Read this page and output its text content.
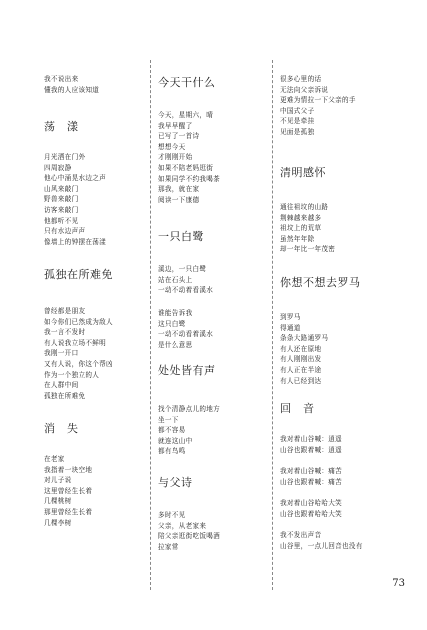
我不说出来
懂我的人应该知道
荡　漾
月光洒在门外
四周寂静
他心中涌晃水边之声
山风来敲门
野兽来敲门
访客来敲门
他都听不见
只有水边声声
像墙上的钟摆在荡漾
孤独在所难免
曾经都是朋友
如今你们已然成为敌人
我一言不发时
有人说我立场不鲜明
我刚一开口
又有人说，你这个帮凶
作为一个独立的人
在人群中间
孤独在所难免
消　失
在老家
我指着一块空地
对儿子说
这里曾经生长着
几棵桃树
那里曾经生长着
几棵李树
今天干什么
今天，星期六，晴
我早早醒了
已写了一首诗
想想今天
才刚刚开始
如果不陪老妈逛街
如果同学不约我喝茶
那我，就在家
阅读一下康德
一只白鹭
溪边，一只白鹭
站在石头上
一动不动着看溪水
谁能告诉我
这只白鹭
一动不动看着溪水
是什么意思
处处皆有声
找个清静点儿的地方
坐一下
都不容易
就连这山中
都有鸟鸣
与父诗
多时不见
父亲，从老家来
陪父亲逛街吃饭喝酒
拉家常
很多心里的话
无法向父亲诉说
更难为情拉一下父亲的手
中国式父子
不见是牵挂
见面是孤独
清明感怀
通往祖坟的山路
荆棘越来越多
祖坟上的荒草
虽然年年除
却一年比一年茂密
你想不想去罗马
到罗马
得通道
条条大路通罗马
有人还在原地
有人刚刚出发
有人正在半途
有人已经到达
回　音
我对着山谷喊：逍遥
山谷也跟着喊：逍遥
我对着山谷喊：痛苦
山谷也跟着喊：痛苦
我对着山谷哈哈大笑
山谷也跟着哈哈大笑
我不发出声音
山谷里，一点儿回音也没有
73
